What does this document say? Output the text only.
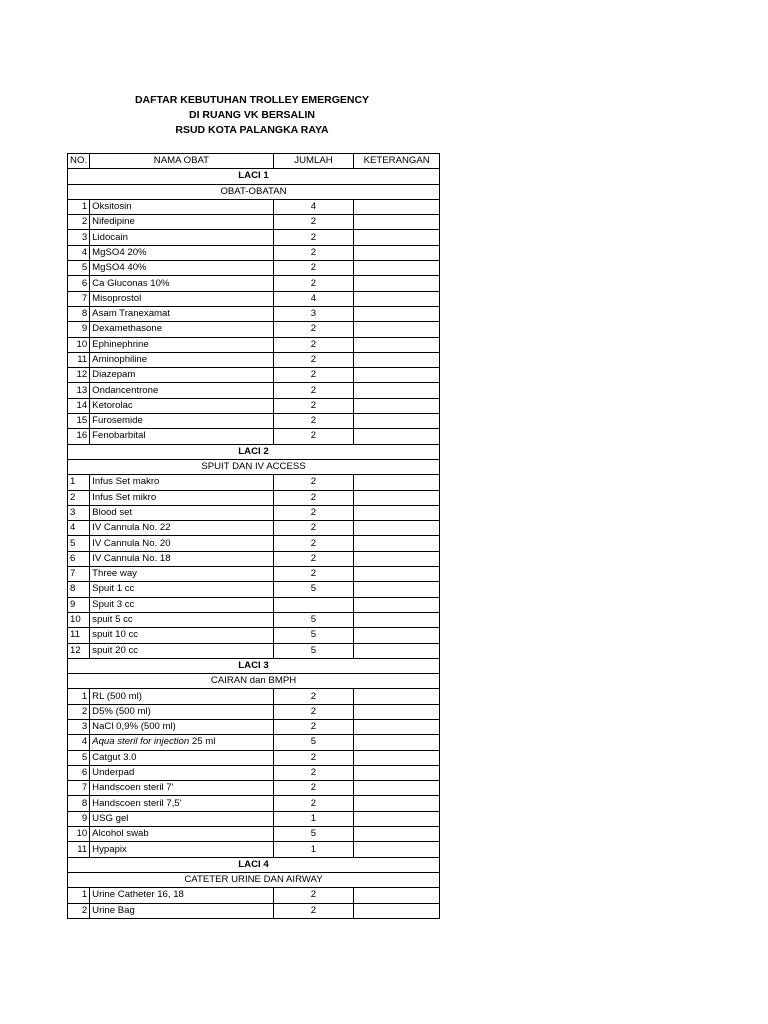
DAFTAR KEBUTUHAN TROLLEY EMERGENCY
DI RUANG VK BERSALIN
RSUD KOTA PALANGKA RAYA
NO.	NAMA OBAT	JUMLAH	KETERANGAN
LACI 1			
OBAT-OBATAN			
1	Oksitosin	4	
2	Nifedipine	2	
3	Lidocain	2	
4	MgSO4 20%	2	
5	MgSO4 40%	2	
6	Ca Gluconas 10%	2	
7	Misoprostol	4	
8	Asam Tranexamat	3	
9	Dexamethasone	2	
10	Ephinephrine	2	
11	Aminophiline	2	
12	Diazepam	2	
13	Ondancentrone	2	
14	Ketorolac	2	
15	Furosemide	2	
16	Fenobarbital	2	
LACI 2			
SPUIT DAN IV ACCESS			
1	Infus Set makro	2	
2	Infus Set mikro	2	
3	Blood set	2	
4	IV Cannula No. 22	2	
5	IV Cannula No. 20	2	
6	IV Cannula No. 18	2	
7	Three way	2	
8	Spuit 1 cc	5	
9	Spuit 3 cc		
10	spuit 5 cc	5	
11	spuit 10 cc	5	
12	spuit 20 cc	5	
LACI 3			
CAIRAN dan BMPH			
1	RL (500 ml)	2	
2	D5% (500 ml)	2	
3	NaCl 0,9% (500 ml)	2	
4	Aqua steril for injection 25 ml	5	
5	Catgut 3.0	2	
6	Underpad	2	
7	Handscoen steril 7'	2	
8	Handscoen steril 7,5'	2	
9	USG gel	1	
10	Alcohol swab	5	
11	Hypapix	1	
LACI 4			
CATETER URINE DAN AIRWAY			
1	Urine Catheter 16, 18	2	
2	Urine Bag	2	
